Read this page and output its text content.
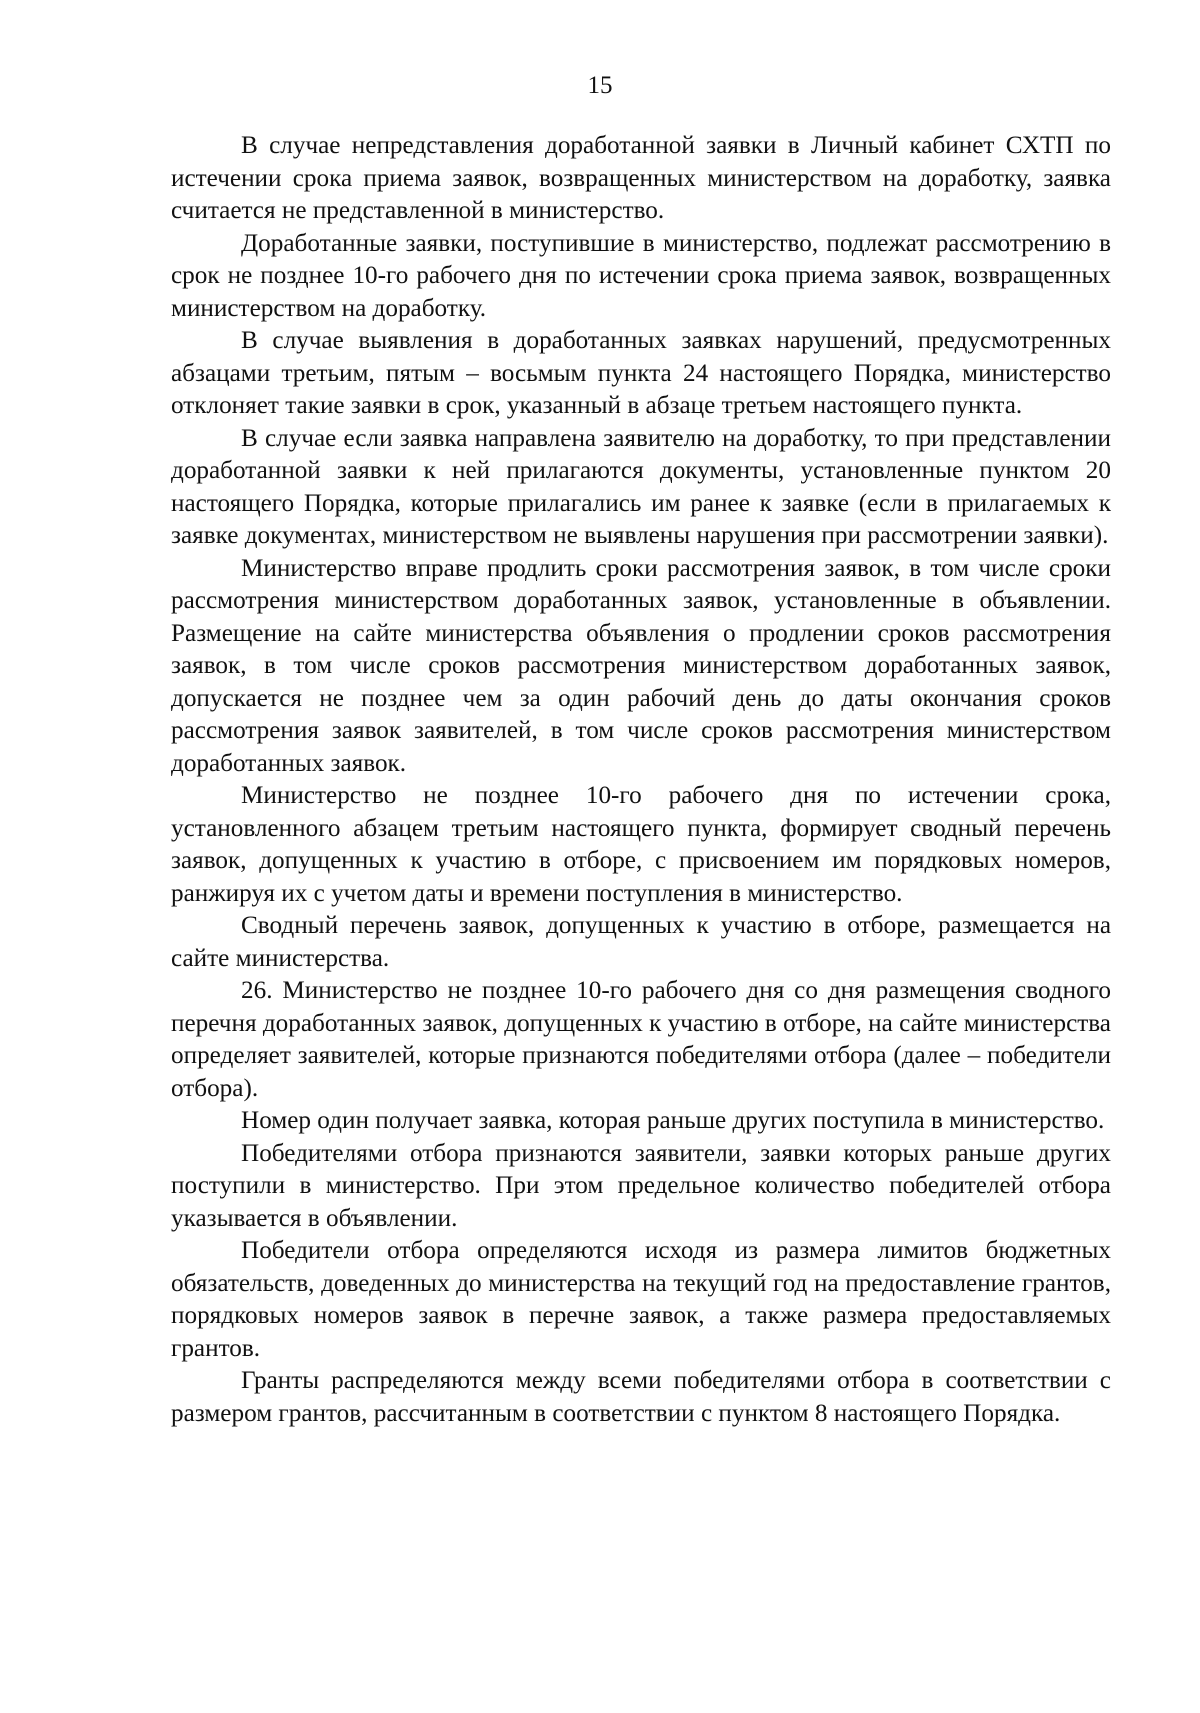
15

В случае непредставления доработанной заявки в Личный кабинет СХТП по истечении срока приема заявок, возвращенных министерством на доработку, заявка считается не представленной в министерство.

Доработанные заявки, поступившие в министерство, подлежат рассмотрению в срок не позднее 10-го рабочего дня по истечении срока приема заявок, возвращенных министерством на доработку.

В случае выявления в доработанных заявках нарушений, предусмотренных абзацами третьим, пятым – восьмым пункта 24 настоящего Порядка, министерство отклоняет такие заявки в срок, указанный в абзаце третьем настоящего пункта.

В случае если заявка направлена заявителю на доработку, то при представлении доработанной заявки к ней прилагаются документы, установленные пунктом 20 настоящего Порядка, которые прилагались им ранее к заявке (если в прилагаемых к заявке документах, министерством не выявлены нарушения при рассмотрении заявки).

Министерство вправе продлить сроки рассмотрения заявок, в том числе сроки рассмотрения министерством доработанных заявок, установленные в объявлении. Размещение на сайте министерства объявления о продлении сроков рассмотрения заявок, в том числе сроков рассмотрения министерством доработанных заявок, допускается не позднее чем за один рабочий день до даты окончания сроков рассмотрения заявок заявителей, в том числе сроков рассмотрения министерством доработанных заявок.

Министерство не позднее 10-го рабочего дня по истечении срока, установленного абзацем третьим настоящего пункта, формирует сводный перечень заявок, допущенных к участию в отборе, с присвоением им порядковых номеров, ранжируя их с учетом даты и времени поступления в министерство.

Сводный перечень заявок, допущенных к участию в отборе, размещается на сайте министерства.

26. Министерство не позднее 10-го рабочего дня со дня размещения сводного перечня доработанных заявок, допущенных к участию в отборе, на сайте министерства определяет заявителей, которые признаются победителями отбора (далее – победители отбора).

Номер один получает заявка, которая раньше других поступила в министерство.

Победителями отбора признаются заявители, заявки которых раньше других поступили в министерство. При этом предельное количество победителей отбора указывается в объявлении.

Победители отбора определяются исходя из размера лимитов бюджетных обязательств, доведенных до министерства на текущий год на предоставление грантов, порядковых номеров заявок в перечне заявок, а также размера предоставляемых грантов.

Гранты распределяются между всеми победителями отбора в соответствии с размером грантов, рассчитанным в соответствии с пунктом 8 настоящего Порядка.
